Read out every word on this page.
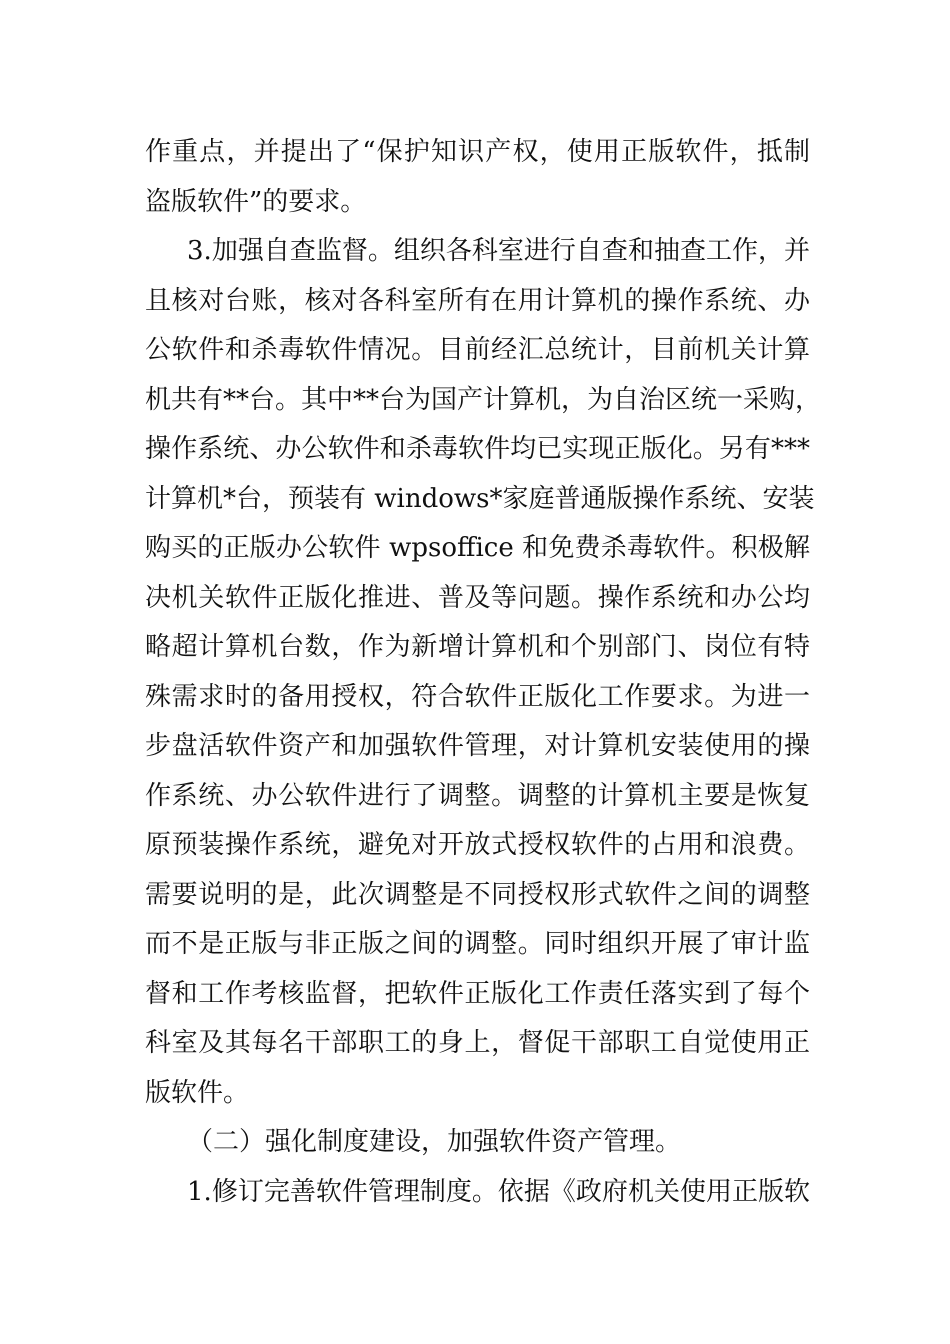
作重点，并提出了“保护知识产权，使用正版软件，抵制
盗版软件”的要求。
3.加强自查监督。组织各科室进行自查和抽查工作，并
且核对台账，核对各科室所有在用计算机的操作系统、办
公软件和杀毒软件情况。目前经汇总统计，目前机关计算
机共有**台。其中**台为国产计算机，为自治区统一采购，
操作系统、办公软件和杀毒软件均已实现正版化。另有***
计算机*台，预装有 windows*家庭普通版操作系统、安装
购买的正版办公软件 wpsoffice 和免费杀毒软件。积极解
决机关软件正版化推进、普及等问题。操作系统和办公均
略超计算机台数，作为新增计算机和个别部门、岗位有特
殊需求时的备用授权，符合软件正版化工作要求。为进一
步盘活软件资产和加强软件管理，对计算机安装使用的操
作系统、办公软件进行了调整。调整的计算机主要是恢复
原预装操作系统，避免对开放式授权软件的占用和浪费。
需要说明的是，此次调整是不同授权形式软件之间的调整
而不是正版与非正版之间的调整。同时组织开展了审计监
督和工作考核监督，把软件正版化工作责任落实到了每个
科室及其每名干部职工的身上，督促干部职工自觉使用正
版软件。
（二）强化制度建设，加强软件资产管理。
1.修订完善软件管理制度。依据《政府机关使用正版软
